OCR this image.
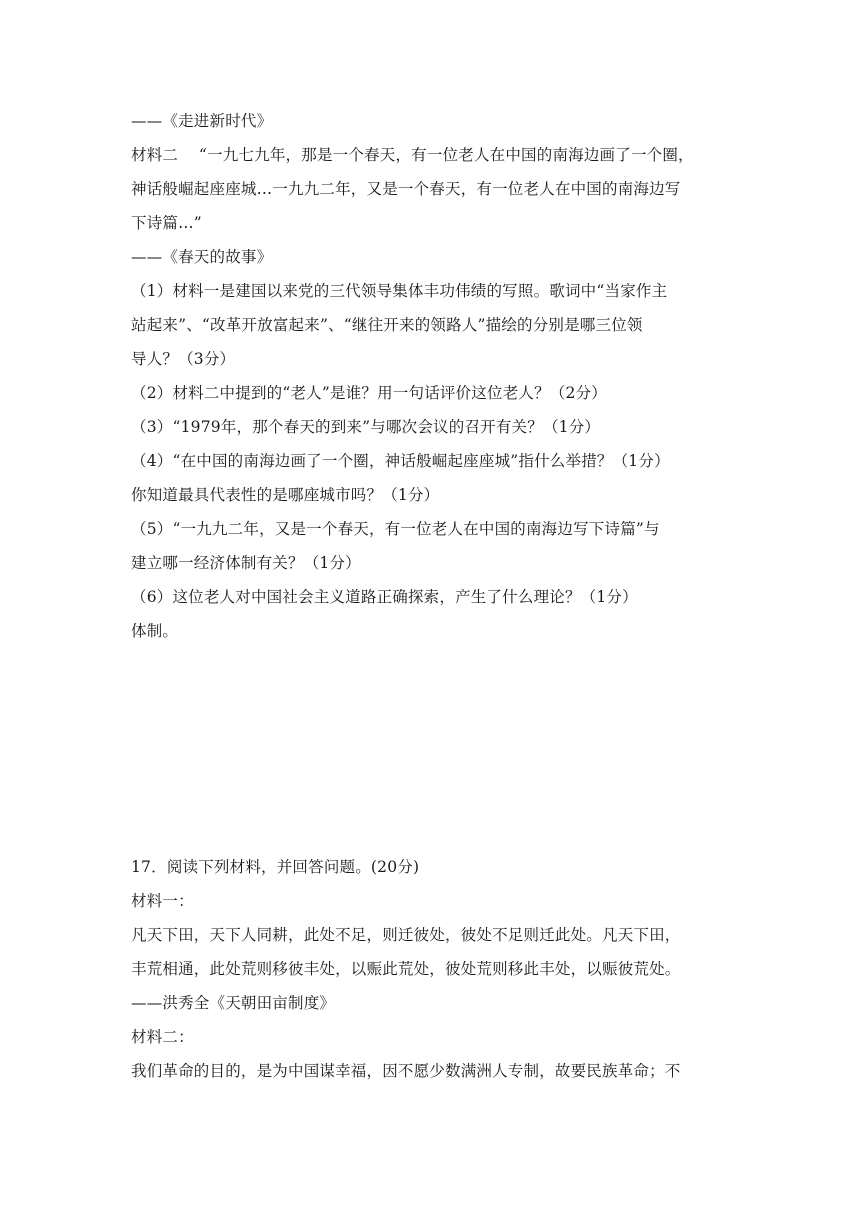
——《走进新时代》
材料二　 “一九七九年，那是一个春天，有一位老人在中国的南海边画了一个圈，
神话般崛起座座城…一九九二年，又是一个春天，有一位老人在中国的南海边写
下诗篇…”
——《春天的故事》
（1）材料一是建国以来党的三代领导集体丰功伟绩的写照。歌词中“当家作主
站起来”、“改革开放富起来”、“继往开来的领路人”描绘的分别是哪三位领
导人？（3分）
（2）材料二中提到的“老人”是谁？用一句话评价这位老人？（2分）
（3）“1979年，那个春天的到来”与哪次会议的召开有关？（1分）
（4）“在中国的南海边画了一个圈，神话般崛起座座城”指什么举措？（1分）
你知道最具代表性的是哪座城市吗？（1分）
（5）“一九九二年，又是一个春天，有一位老人在中国的南海边写下诗篇”与
建立哪一经济体制有关？（1分）
（6）这位老人对中国社会主义道路正确探索，产生了什么理论？（1分）
体制。
17．阅读下列材料，并回答问题。(20分)
材料一：
凡天下田，天下人同耕，此处不足，则迁彼处，彼处不足则迁此处。凡天下田，
丰荒相通，此处荒则移彼丰处，以赈此荒处，彼处荒则移此丰处，以赈彼荒处。
——洪秀全《天朝田亩制度》
材料二：
我们革命的目的，是为中国谋幸福，因不愿少数满洲人专制，故要民族革命；不
